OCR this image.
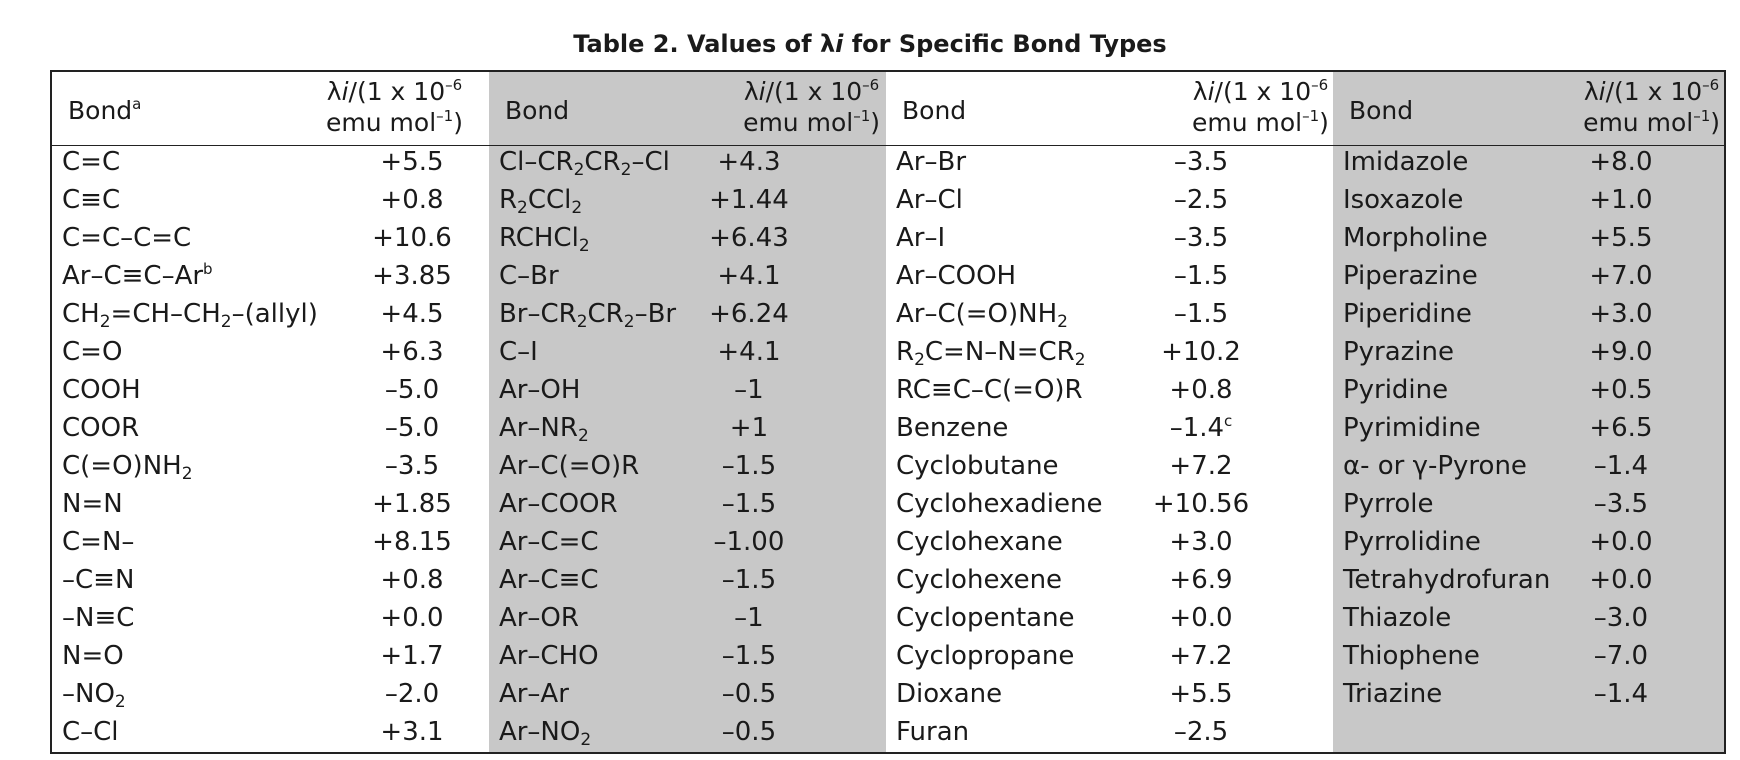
Table 2. Values of λi for Specific Bond Types
Bond$^a$	λi/(1 x $10^{-6}$
emu mol$^{-1}$)
C=C	+5.5
C≡C	+0.8
C=C–C=C	+10.6
$Ar-C\equiv C-Ar^b$	+3.85
$CH_2=CH-CH_2-(allyl)$	+4.5
C=O	+6.3
COOH	–5.0
COOR	–5.0
$C(=O)NH_2$	–3.5
N=N	+1.85
C=N–	+8.15
–C≡N	+0.8
–N≡C	+0.0
N=O	+1.7
$-NO_2$	–2.0
C–Cl	+3.1
Bond
λi/(1 x $10^{-6}$
emu mol$^{-1}$)
$Cl-CR_2CR_2-Cl$	+4.3
$R_2CCl_2$	+1.44
RCHCl$_2$	+6.43
C–Br	+4.1
$Br-CR_2CR_2-Br$	+6.24
C–I	+4.1
Ar–OH	–1
$Ar-NR_2$	+1
Ar–C(=O)R	–1.5
Ar–COOR	–1.5
Ar–C=C	–1.00
Ar–C≡C	–1.5
Ar–OR	–1
Ar–CHO	–1.5
Ar–Ar	–0.5
$Ar-NO_2$	–0.5
Bond
λi/(1 x $10^{-6}$
emu mol$^{-1}$)
Ar–Br	–3.5
Ar–Cl	–2.5
Ar–I	–3.5
Ar–COOH	–1.5
$Ar-C(=O)NH_2$	–1.5
$R_2C=N-N=CR_2$	+10.2
RC≡C–C(=O)R	+0.8
Benzene	–1.4$^c$
Cyclobutane	+7.2
Cyclohexadiene	+10.56
Cyclohexane	+3.0
Cyclohexene	+6.9
Cyclopentane	+0.0
Cyclopropane	+7.2
Dioxane	+5.5
Furan	–2.5
Bond
λi/(1 x $10^{-6}$
emu mol$^{-1}$)
Imidazole	+8.0
Isoxazole	+1.0
Morpholine	+5.5
Piperazine	+7.0
Piperidine	+3.0
Pyrazine	+9.0
Pyridine	+0.5
Pyrimidine	+6.5
α- or γ-Pyrone	–1.4
Pyrrole	–3.5
Pyrrolidine	+0.0
Tetrahydrofuran	+0.0
Thiazole	–3.0
Thiophene	–7.0
Triazine	–1.4
